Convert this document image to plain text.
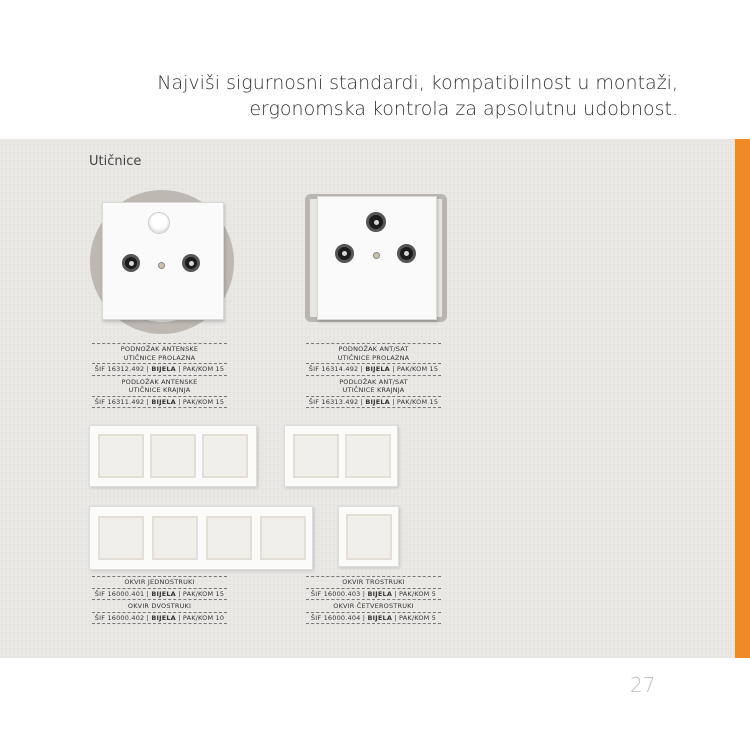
Najviši sigurnosni standardi, kompatibilnost u montaži,
ergonomska kontrola za apsolutnu udobnost.
Utičnice
PODNOŽAK ANTENSKE
UTIČNICE PROLAZNA
ŠIF 16312.492 | BIJELA | PAK/KOM 15
PODLOŽAK ANTENSKE
UTIČNICE KRAJNJA
ŠIF 16311.492 | BIJELA | PAK/KOM 15
PODNOŽAK ANT/SAT
UTIČNICE PROLAZNA
ŠIF 16314.492 | BIJELA | PAK/KOM 15
PODLOŽAK ANT/SAT
UTIČNICE KRAJNJA
ŠIF 16313.492 | BIJELA | PAK/KOM 15
OKVIR JEDNOSTRUKI
ŠIF 16000.401 | BIJELA | PAK/KOM 15
OKVIR DVOSTRUKI
ŠIF 16000.402 | BIJELA | PAK/KOM 10
OKVIR TROSTRUKI
ŠIF 16000.403 | BIJELA | PAK/KOM 5
OKVIR ČETVEROSTRUKI
ŠIF 16000.404 | BIJELA | PAK/KOM 5
27
